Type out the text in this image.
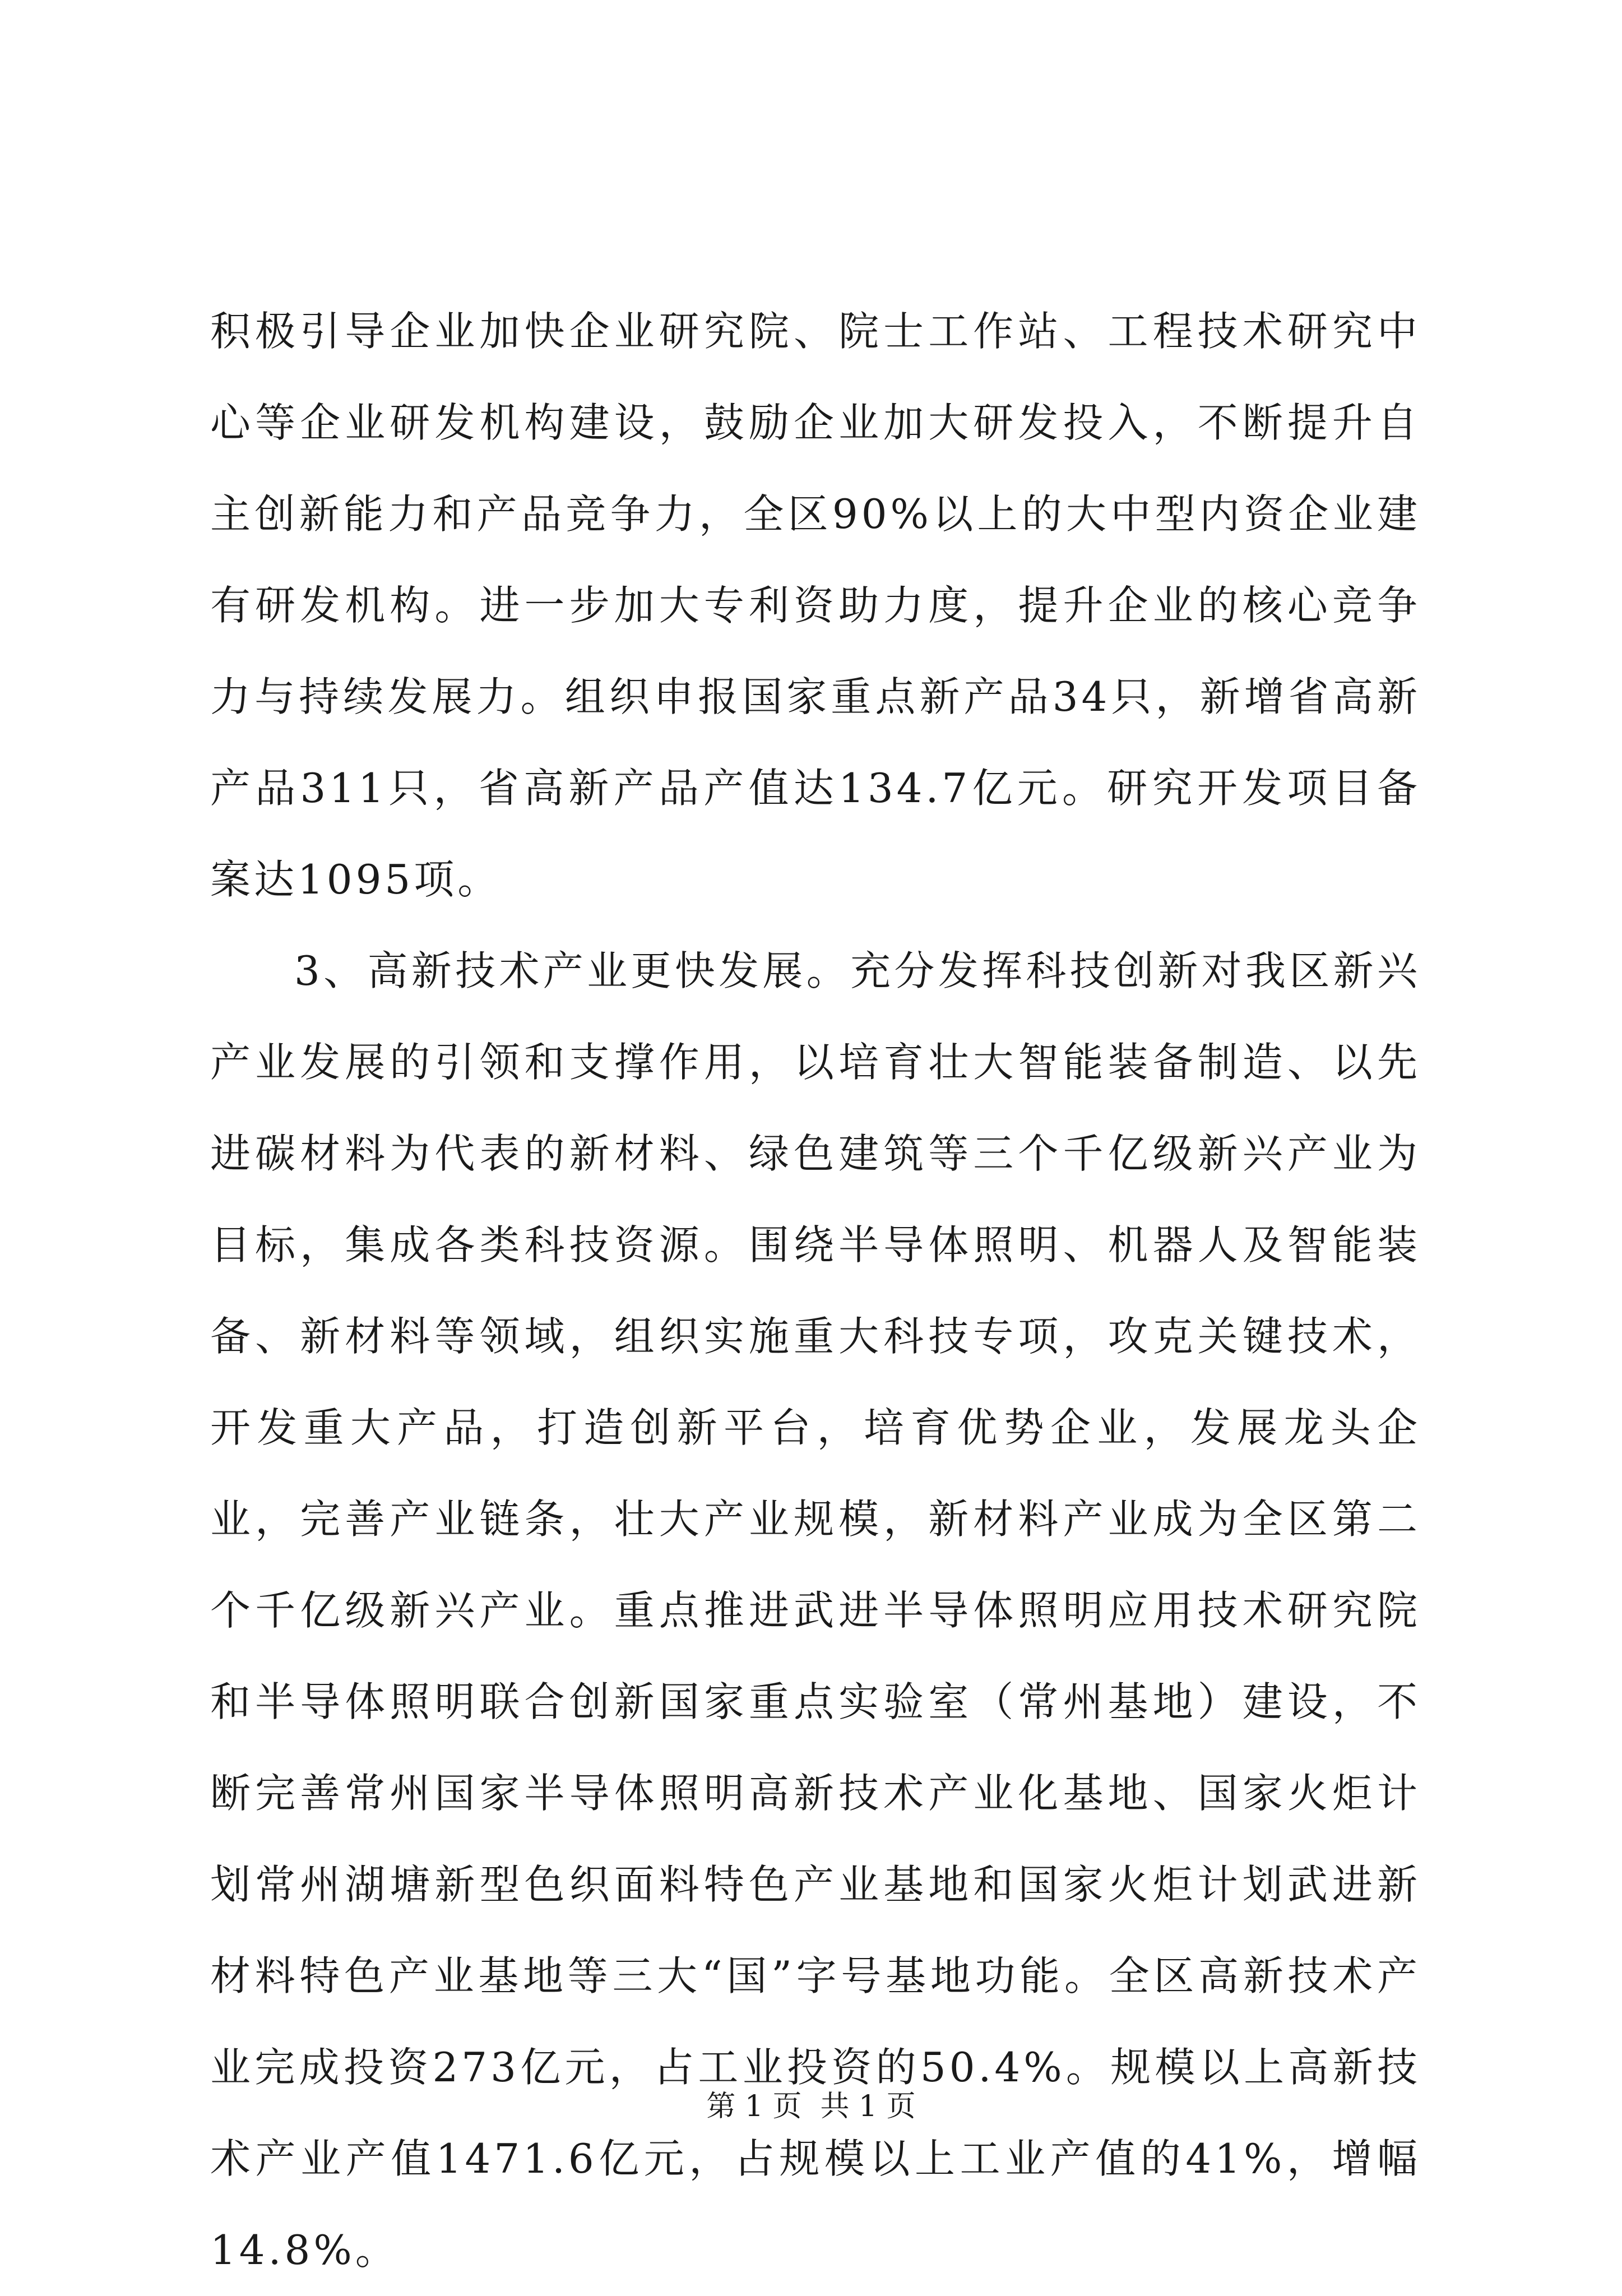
积极引导企业加快企业研究院、院士工作站、工程技术研究中心等企业研发机构建设，鼓励企业加大研发投入，不断提升自主创新能力和产品竞争力，全区90%以上的大中型内资企业建有研发机构。进一步加大专利资助力度，提升企业的核心竞争力与持续发展力。组织申报国家重点新产品34只，新增省高新产品311只，省高新产品产值达134.7亿元。研究开发项目备案达1095项。

3、高新技术产业更快发展。充分发挥科技创新对我区新兴产业发展的引领和支撑作用，以培育壮大智能装备制造、以先进碳材料为代表的新材料、绿色建筑等三个千亿级新兴产业为目标，集成各类科技资源。围绕半导体照明、机器人及智能装备、新材料等领域，组织实施重大科技专项，攻克关键技术，开发重大产品，打造创新平台，培育优势企业，发展龙头企业，完善产业链条，壮大产业规模，新材料产业成为全区第二个千亿级新兴产业。重点推进武进半导体照明应用技术研究院和半导体照明联合创新国家重点实验室（常州基地）建设，不断完善常州国家半导体照明高新技术产业化基地、国家火炬计划常州湖塘新型色织面料特色产业基地和国家火炬计划武进新材料特色产业基地等三大“国”字号基地功能。全区高新技术产业完成投资273亿元，占工业投资的50.4%。规模以上高新技术产业产值1471.6亿元，占规模以上工业产值的41%，增幅14.8%。

第 1 页  共 1 页
